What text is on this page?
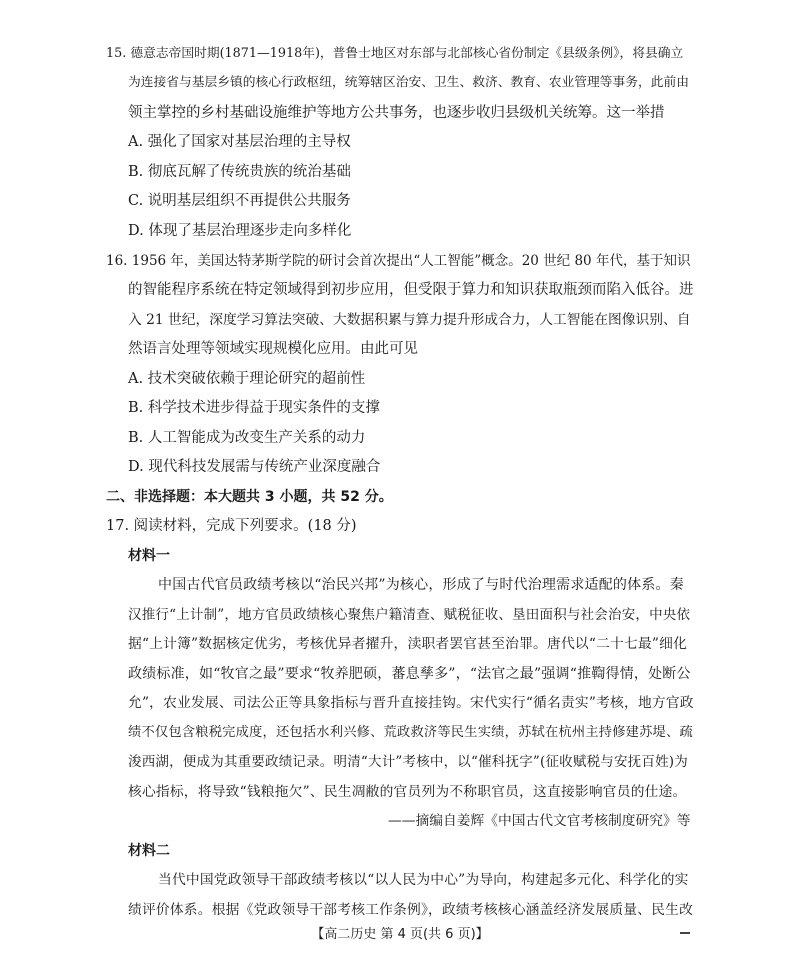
15. 德意志帝国时期(1871—1918年)，普鲁士地区对东部与北部核心省份制定《县级条例》，将县确立
为连接省与基层乡镇的核心行政枢纽，统筹辖区治安、卫生、救济、教育、农业管理等事务，此前由
领主掌控的乡村基础设施维护等地方公共事务，也逐步收归县级机关统筹。这一举措
A. 强化了国家对基层治理的主导权
B. 彻底瓦解了传统贵族的统治基础
C. 说明基层组织不再提供公共服务
D. 体现了基层治理逐步走向多样化
16. 1956 年，美国达特茅斯学院的研讨会首次提出“人工智能”概念。20 世纪 80 年代，基于知识
的智能程序系统在特定领域得到初步应用，但受限于算力和知识获取瓶颈而陷入低谷。进
入 21 世纪，深度学习算法突破、大数据积累与算力提升形成合力，人工智能在图像识别、自
然语言处理等领域实现规模化应用。由此可见
A. 技术突破依赖于理论研究的超前性
B. 科学技术进步得益于现实条件的支撑
B. 人工智能成为改变生产关系的动力
D. 现代科技发展需与传统产业深度融合
二、非选择题：本大题共 3 小题，共 52 分。
17. 阅读材料，完成下列要求。(18 分)
材料一
中国古代官员政绩考核以“治民兴邦”为核心，形成了与时代治理需求适配的体系。秦
汉推行“上计制”，地方官员政绩核心聚焦户籍清查、赋税征收、垦田面积与社会治安，中央依
据“上计簿”数据核定优劣，考核优异者擢升，渎职者罢官甚至治罪。唐代以“二十七最”细化
政绩标准，如“牧官之最”要求“牧养肥硕，蕃息孳多”，“法官之最”强调“推鞫得情，处断公
允”，农业发展、司法公正等具象指标与晋升直接挂钩。宋代实行“循名责实”考核，地方官政
绩不仅包含粮税完成度，还包括水利兴修、荒政救济等民生实绩，苏轼在杭州主持修建苏堤、疏
浚西湖，便成为其重要政绩记录。明清“大计”考核中，以“催科抚字”(征收赋税与安抚百姓)为
核心指标，将导致“钱粮拖欠”、民生凋敝的官员列为不称职官员，这直接影响官员的仕途。
——摘编自姜辉《中国古代文官考核制度研究》等
材料二
当代中国党政领导干部政绩考核以“以人民为中心”为导向，构建起多元化、科学化的实
绩评价体系。根据《党政领导干部考核工作条例》，政绩考核核心涵盖经济发展质量、民生改
【高二历史 第 4 页(共 6 页)】
